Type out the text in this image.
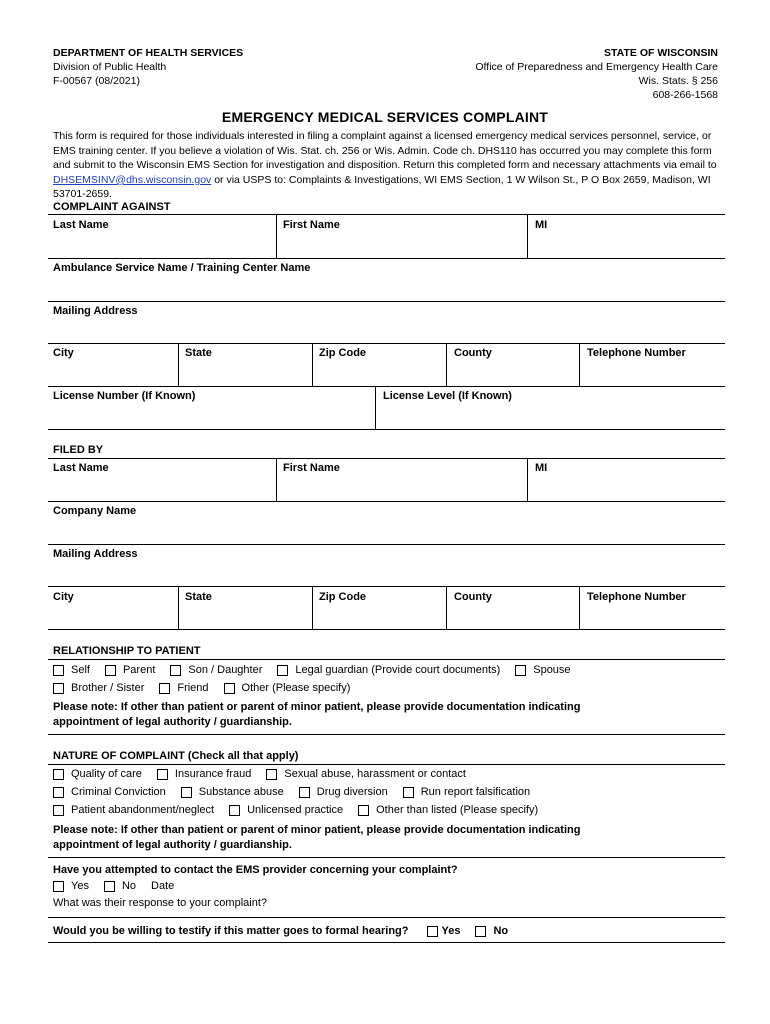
DEPARTMENT OF HEALTH SERVICES
Division of Public Health
F-00567 (08/2021)
STATE OF WISCONSIN
Office of Preparedness and Emergency Health Care
Wis. Stats. § 256
608-266-1568
EMERGENCY MEDICAL SERVICES COMPLAINT
This form is required for those individuals interested in filing a complaint against a licensed emergency medical services personnel, service, or EMS training center. If you believe a violation of Wis. Stat. ch. 256 or Wis. Admin. Code ch. DHS110 has occurred you may complete this form and submit to the Wisconsin EMS Section for investigation and disposition. Return this completed form and necessary attachments via email to DHSEMSINV@dhs.wisconsin.gov or via USPS to: Complaints & Investigations, WI EMS Section, 1 W Wilson St., P O Box 2659, Madison, WI 53701-2659.
COMPLAINT AGAINST
Last Name	First Name	MI
Ambulance Service Name / Training Center Name
Mailing Address
City	State	Zip Code	County	Telephone Number
License Number (If Known)	License Level (If Known)
FILED BY
Last Name	First Name	MI
Company Name
Mailing Address
City	State	Zip Code	County	Telephone Number
RELATIONSHIP TO PATIENT
Self	Parent	Son / Daughter	Legal guardian (Provide court documents)	Spouse
Brother / Sister	Friend	Other (Please specify)
Please note: If other than patient or parent of minor patient, please provide documentation indicating
appointment of legal authority / guardianship.
NATURE OF COMPLAINT (Check all that apply)
Quality of care	Insurance fraud	Sexual abuse, harassment or contact
Criminal Conviction	Substance abuse	Drug diversion	Run report falsification
Patient abandonment/neglect	Unlicensed practice	Other than listed (Please specify)
Please note: If other than patient or parent of minor patient, please provide documentation indicating
appointment of legal authority / guardianship.
Have you attempted to contact the EMS provider concerning your complaint?
Yes	No Date
What was their response to your complaint?
Would you be willing to testify if this matter goes to formal hearing?	Yes	No
